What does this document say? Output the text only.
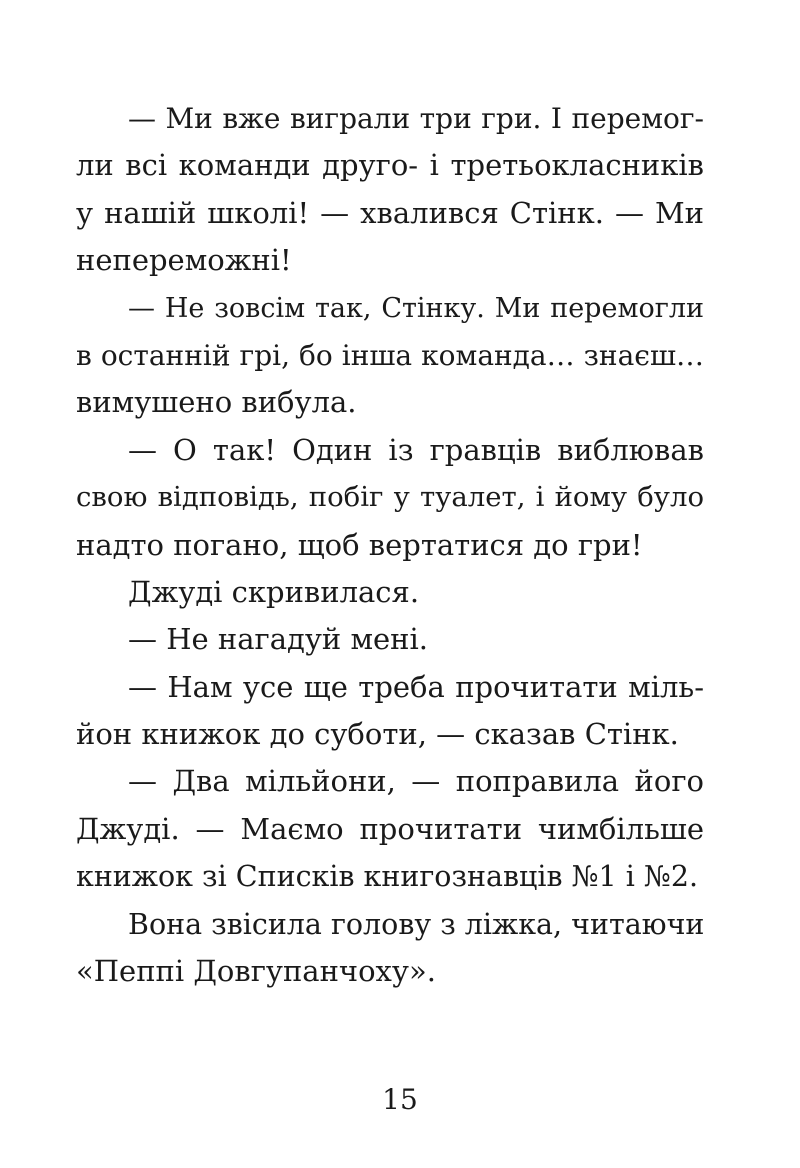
— Ми вже виграли три гри. І перемог-
ли всі команди друго- і третьокласників
у нашій школі! — хвалився Стінк. — Ми
непереможні!
— Не зовсім так, Стінку. Ми перемогли
в останній грі, бо інша команда… знаєш…
вимушено вибула.
— О так! Один із гравців виблював
свою відповідь, побіг у туалет, і йому було
надто погано, щоб вертатися до гри!
Джуді скривилася.
— Не нагадуй мені.
— Нам усе ще треба прочитати міль-
йон книжок до суботи, — сказав Стінк.
— Два мільйони, — поправила його
Джуді. — Маємо прочитати чимбільше
книжок зі Списків книгознавців №1 і №2.
Вона звісила голову з ліжка, читаючи
«Пеппі Довгупанчоху».
15
